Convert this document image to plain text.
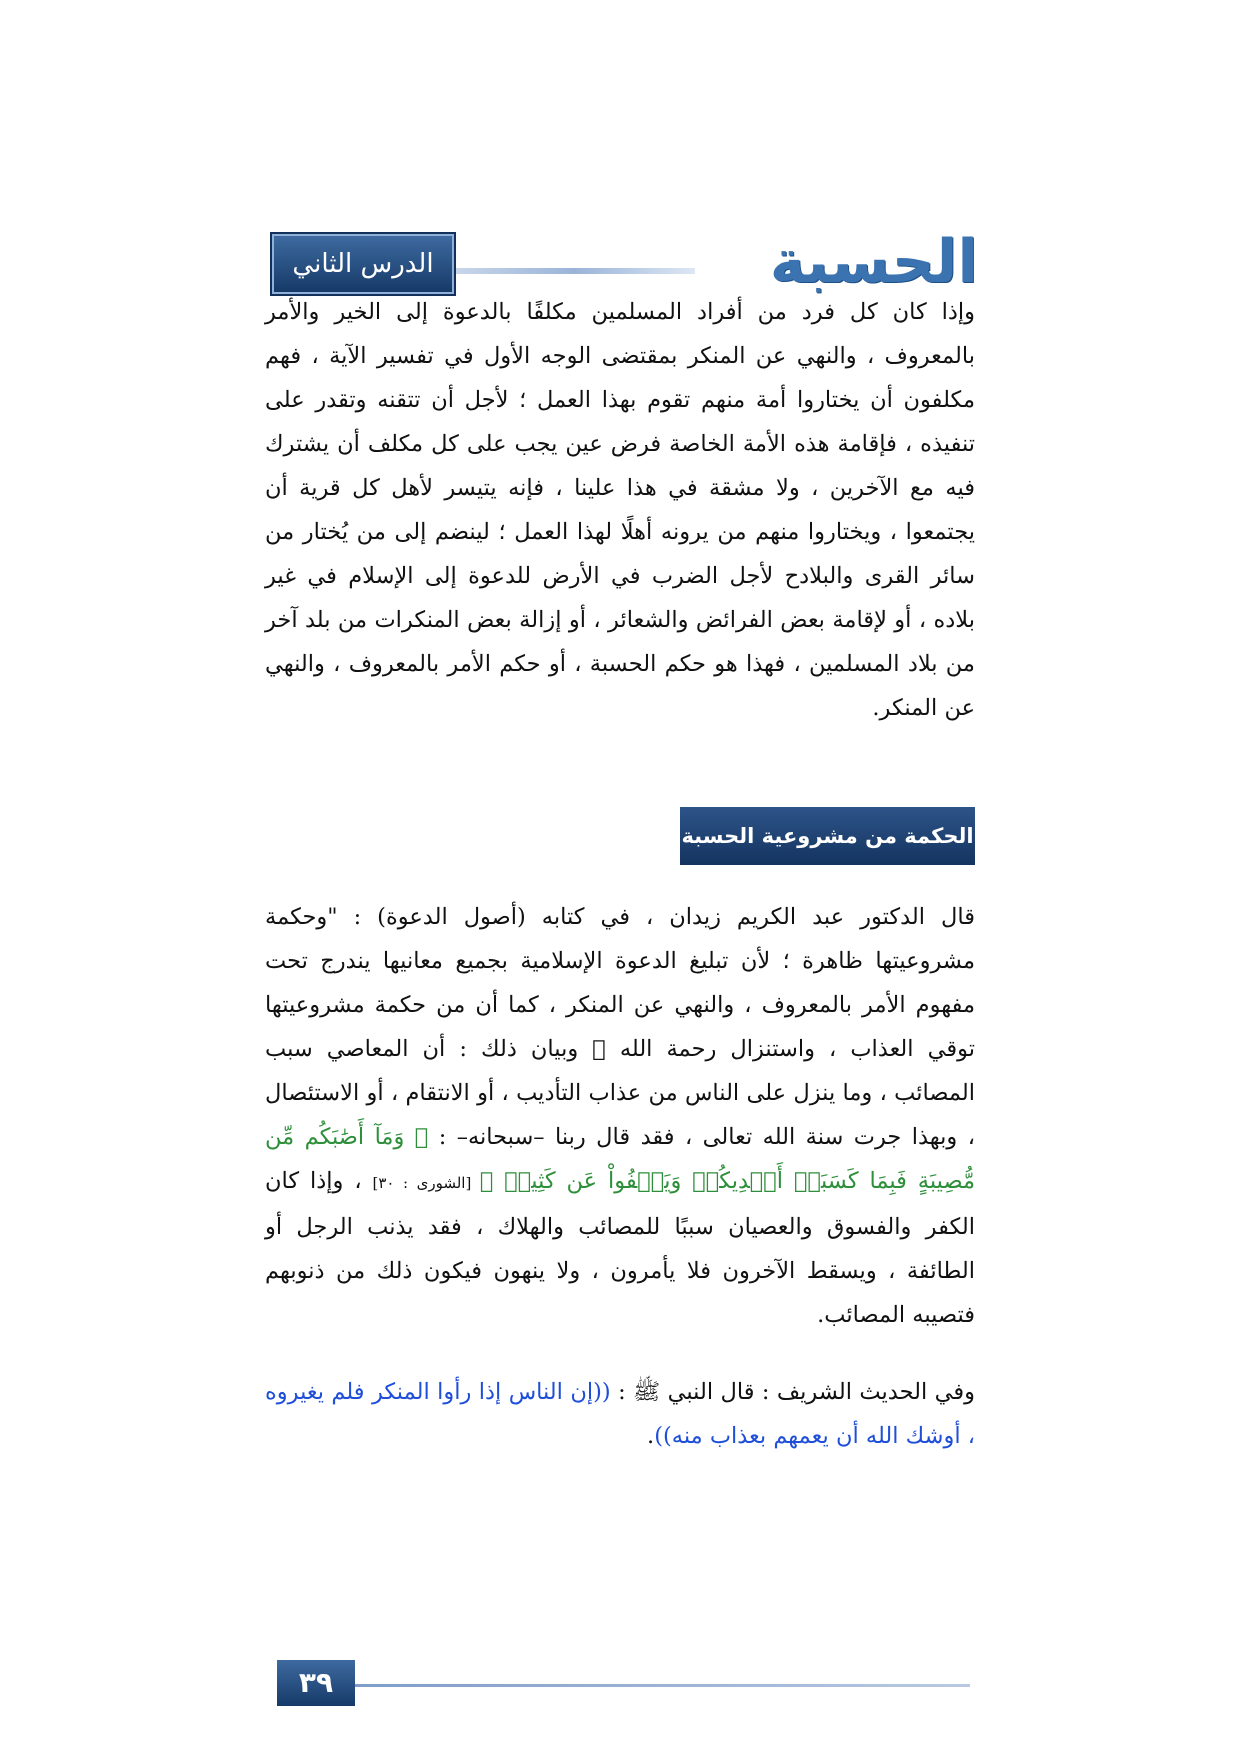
الحسبة
الدرس الثاني

وإذا كان كل فرد من أفراد المسلمين مكلفًا بالدعوة إلى الخير والأمر بالمعروف ، والنهي عن المنكر بمقتضى الوجه الأول في تفسير الآية ، فهم مكلفون أن يختاروا أمة منهم تقوم بهذا العمل ؛ لأجل أن تتقنه وتقدر على تنفيذه ، فإقامة هذه الأمة الخاصة فرض عين يجب على كل مكلف أن يشترك فيه مع الآخرين ، ولا مشقة في هذا علينا ، فإنه يتيسر لأهل كل قرية أن يجتمعوا ، ويختاروا منهم من يرونه أهلًا لهذا العمل ؛ لينضم إلى من يُختار من سائر القرى والبلادح لأجل الضرب في الأرض للدعوة إلى الإسلام في غير بلاده ، أو لإقامة بعض الفرائض والشعائر ، أو إزالة بعض المنكرات من بلد آخر من بلاد المسلمين ، فهذا هو حكم الحسبة ، أو حكم الأمر بالمعروف ، والنهي عن المنكر.

الحكمة من مشروعية الحسبة

قال الدكتور عبد الكريم زيدان ، في كتابه (أصول الدعوة) : "وحكمة مشروعيتها ظاهرة ؛ لأن تبليغ الدعوة الإسلامية بجميع معانيها يندرج تحت مفهوم الأمر بالمعروف ، والنهي عن المنكر ، كما أن من حكمة مشروعيتها توقي العذاب ، واستنزال رحمة الله ﷻ وبيان ذلك : أن المعاصي سبب المصائب ، وما ينزل على الناس من عذاب التأديب ، أو الانتقام ، أو الاستئصال ، وبهذا جرت سنة الله تعالى ، فقد قال ربنا –سبحانه– : ﴿ وَمَآ أَصَٰبَكُم مِّن مُّصِيبَةٍ فَبِمَا كَسَبَتۡ أَيۡدِيكُمۡ وَيَعۡفُواْ عَن كَثِيرٖ ﴾ [الشورى : ٣٠] ، وإذا كان الكفر والفسوق والعصيان سببًا للمصائب والهلاك ، فقد يذنب الرجل أو الطائفة ، ويسقط الآخرون فلا يأمرون ، ولا ينهون فيكون ذلك من ذنوبهم فتصيبه المصائب.

وفي الحديث الشريف : قال النبي ﷺ : ((إن الناس إذا رأوا المنكر فلم يغيروه ، أوشك الله أن يعمهم بعذاب منه)).

٣٩
